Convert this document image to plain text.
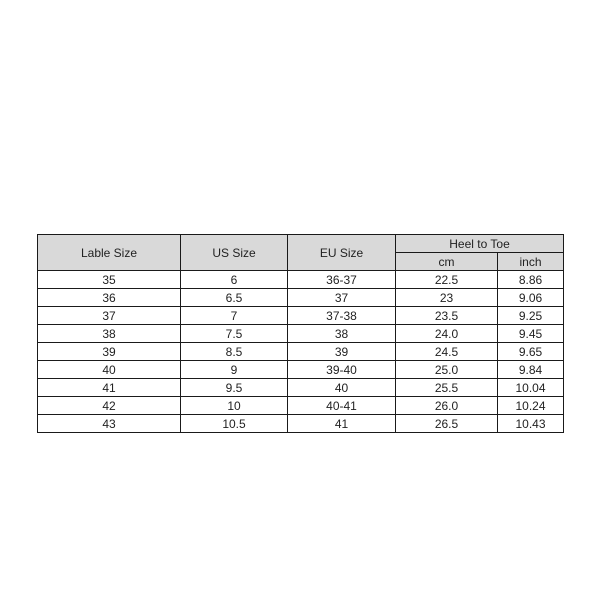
Lable Size	US Size	EU Size	Heel to Toe	
			cm	inch
35	6	36-37	22.5	8.86
36	6.5	37	23	9.06
37	7	37-38	23.5	9.25
38	7.5	38	24.0	9.45
39	8.5	39	24.5	9.65
40	9	39-40	25.0	9.84
41	9.5	40	25.5	10.04
42	10	40-41	26.0	10.24
43	10.5	41	26.5	10.43
